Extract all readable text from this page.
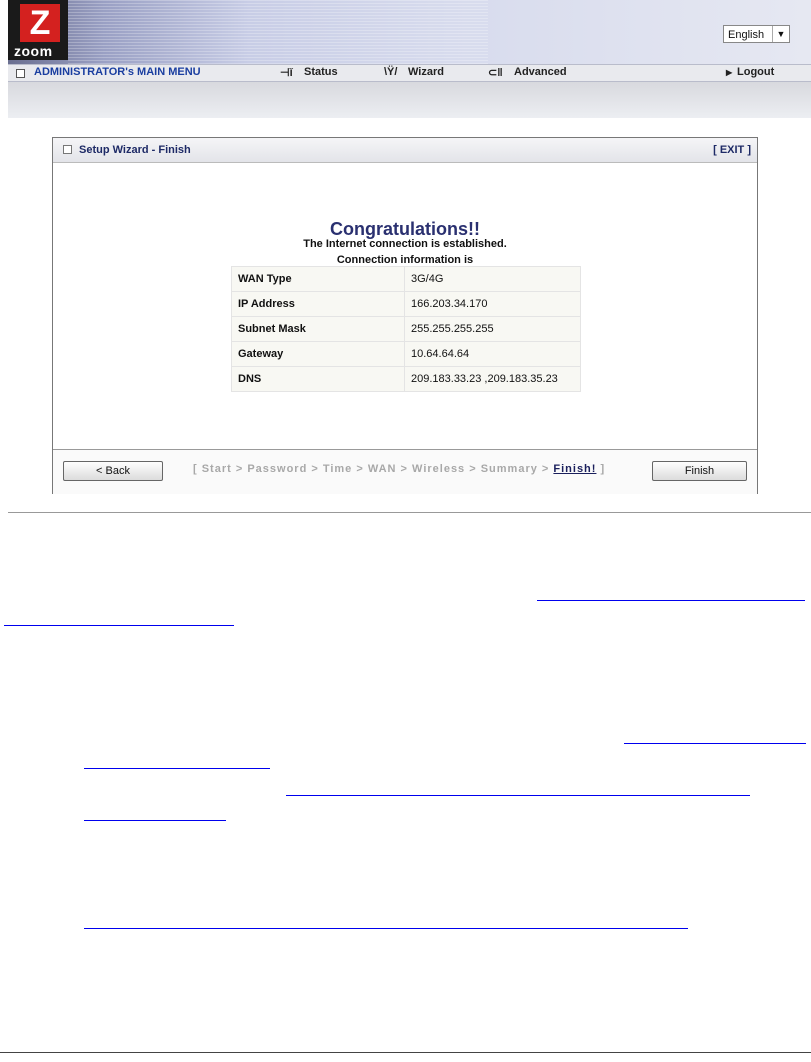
Z
zoom
English	▼
ADMINISTRATOR's MAIN MENU	⊣ǐ Status	\Ÿ/ Wizard	⊂ǁ Advanced	▶ Logout
Setup Wizard - Finish	[ EXIT ]
Congratulations!!
The Internet connection is established.
Connection information is
WAN Type	3G/4G
IP Address	166.203.34.170
Subnet Mask	255.255.255.255
Gateway	10.64.64.64
DNS	209.183.33.23 ,209.183.35.23
< Back	[ Start > Password > Time > WAN > Wireless > Summary > Finish! ]	Finish
